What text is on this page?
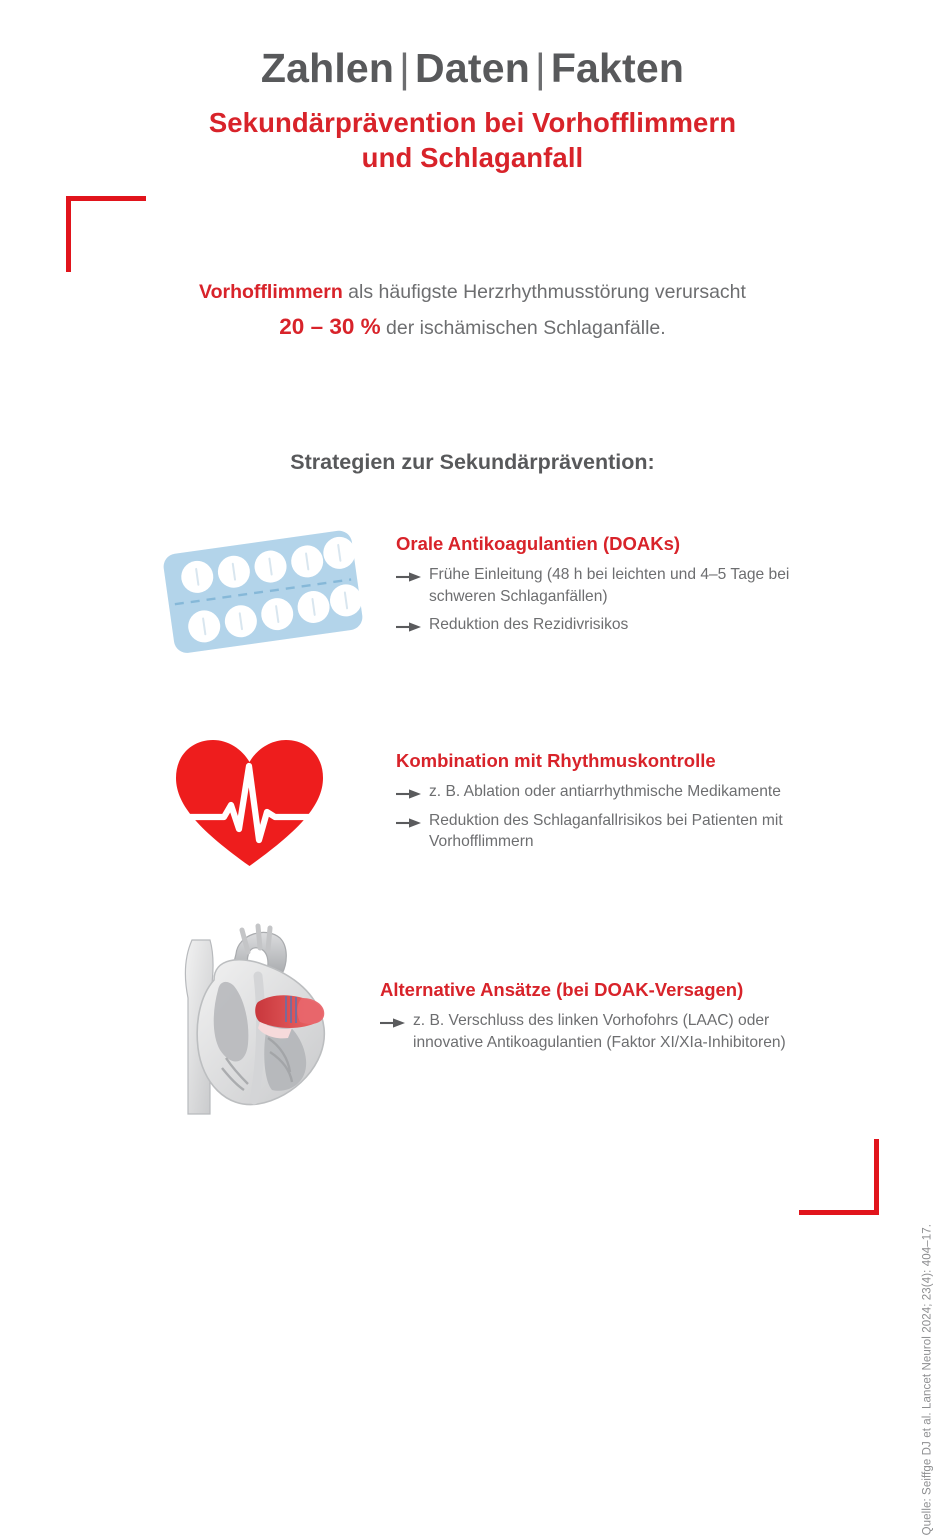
Zahlen | Daten | Fakten
Sekundärprävention bei Vorhofflimmern
und Schlaganfall
Vorhofflimmern als häufigste Herzrhythmusstörung verursacht
20 – 30 % der ischämischen Schlaganfälle.
Strategien zur Sekundärprävention:
Orale Antikoagulantien (DOAKs)
Frühe Einleitung (48 h bei leichten und 4–5 Tage bei schweren Schlaganfällen)
Reduktion des Rezidivrisikos
Kombination mit Rhythmuskontrolle
z. B. Ablation oder antiarrhythmische Medikamente
Reduktion des Schlaganfallrisikos bei Patienten mit Vorhofflimmern
Alternative Ansätze (bei DOAK-Versagen)
z. B. Verschluss des linken Vorhofohrs (LAAC) oder innovative Antikoagulantien (Faktor XI/XIa-Inhibitoren)
Quelle: Seiffge DJ et al. Lancet Neurol 2024; 23(4): 404–17.
